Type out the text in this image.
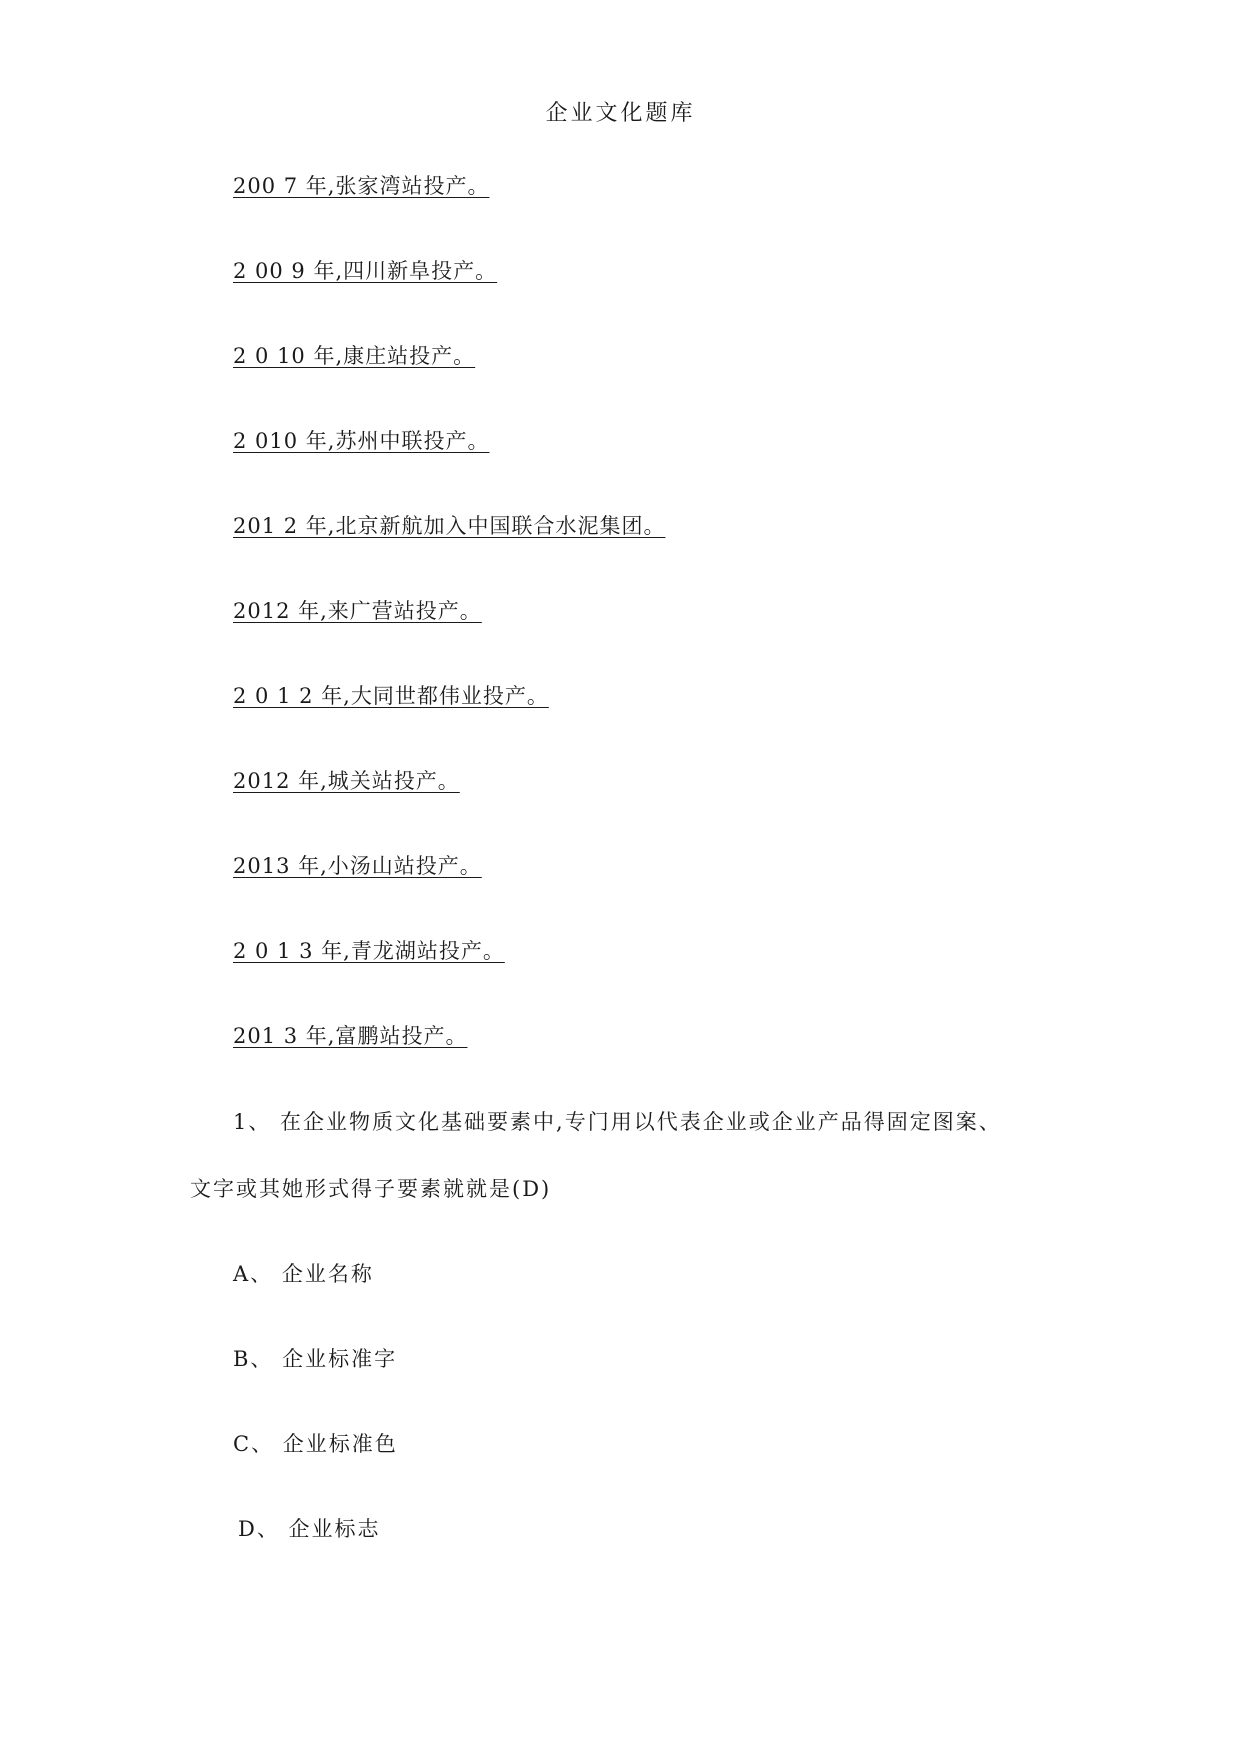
企业文化题库
200 7 年,张家湾站投产。
2 00 9 年,四川新阜投产。
2 0 10 年,康庄站投产。
2 010 年,苏州中联投产。
201 2 年,北京新航加入中国联合水泥集团。
2012 年,来广营站投产。
2 0 1 2 年,大同世都伟业投产。
2012 年,城关站投产。
2013 年,小汤山站投产。
2 0 1 3 年,青龙湖站投产。
201 3 年,富鹏站投产。
1、 在企业物质文化基础要素中,专门用以代表企业或企业产品得固定图案、
文字或其她形式得子要素就就是(D)
A、 企业名称
B、 企业标准字
C、 企业标准色
D、 企业标志
